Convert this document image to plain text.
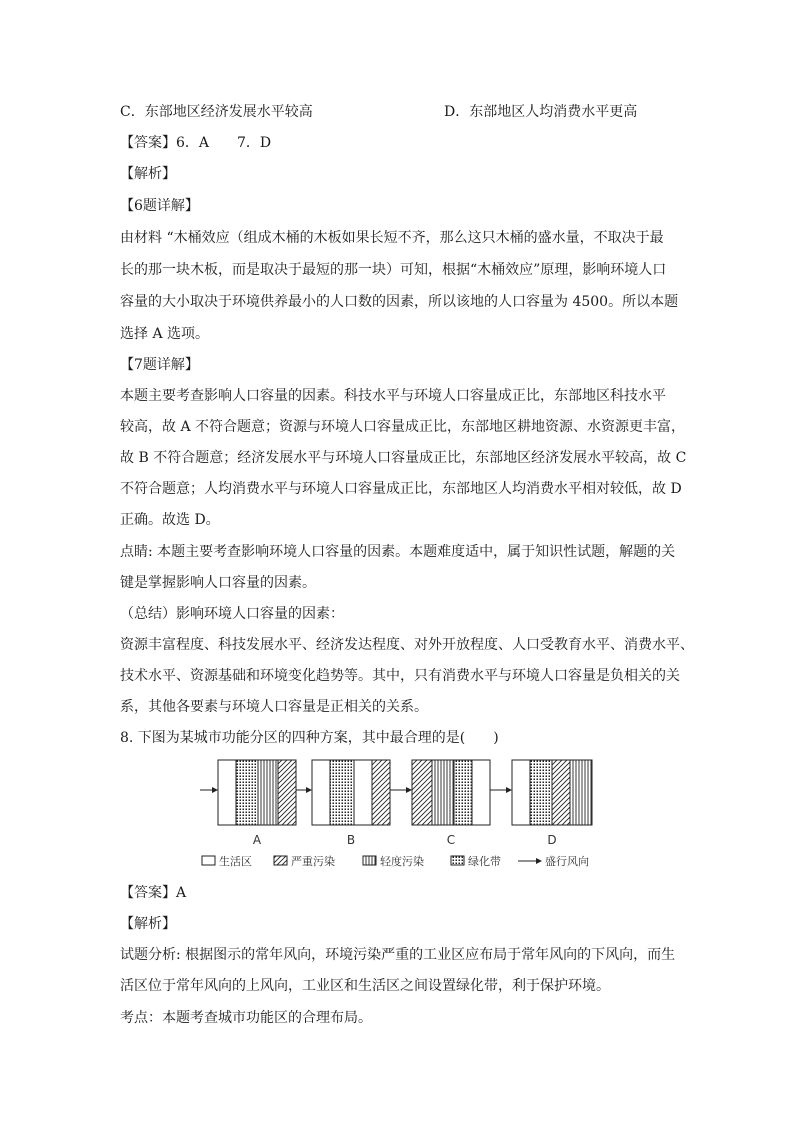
C．东部地区经济发展水平较高	D．东部地区人均消费水平更高
【答案】6．A　　7．D
【解析】
【6题详解】
由材料 “木桶效应（组成木桶的木板如果长短不齐，那么这只木桶的盛水量，不取决于最
长的那一块木板，而是取决于最短的那一块）可知，根据“木桶效应”原理，影响环境人口
容量的大小取决于环境供养最小的人口数的因素，所以该地的人口容量为 4500。所以本题
选择 A 选项。
【7题详解】
本题主要考查影响人口容量的因素。科技水平与环境人口容量成正比，东部地区科技水平
较高，故 A 不符合题意；资源与环境人口容量成正比，东部地区耕地资源、水资源更丰富，
故 B 不符合题意；经济发展水平与环境人口容量成正比，东部地区经济发展水平较高，故 C
不符合题意；人均消费水平与环境人口容量成正比，东部地区人均消费水平相对较低，故 D
正确。故选 D。
点睛: 本题主要考查影响环境人口容量的因素。本题难度适中，属于知识性试题，解题的关
键是掌握影响人口容量的因素。
（总结）影响环境人口容量的因素：
资源丰富程度、科技发展水平、经济发达程度、对外开放程度、人口受教育水平、消费水平、
技术水平、资源基础和环境变化趋势等。其中，只有消费水平与环境人口容量是负相关的关
系，其他各要素与环境人口容量是正相关的关系。
8. 下图为某城市功能分区的四种方案，其中最合理的是(　　)
A	B	C	D
生活区	严重污染	轻度污染	绿化带	盛行风向
【答案】A
【解析】
试题分析: 根据图示的常年风向，环境污染严重的工业区应布局于常年风向的下风向，而生
活区位于常年风向的上风向，工业区和生活区之间设置绿化带，利于保护环境。
考点：本题考查城市功能区的合理布局。
